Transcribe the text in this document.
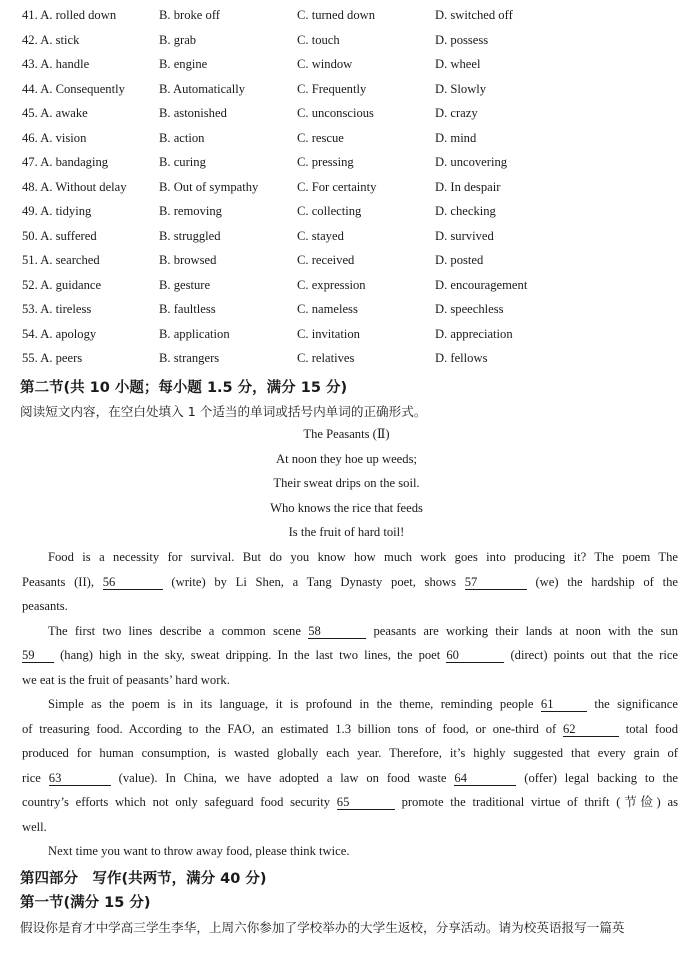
41. A. rolled down	B. broke off	C. turned down	D. switched off
42. A. stick	B. grab	C. touch	D. possess
43. A. handle	B. engine	C. window	D. wheel
44. A. Consequently	B. Automatically	C. Frequently	D. Slowly
45. A. awake	B. astonished	C. unconscious	D. crazy
46. A. vision	B. action	C. rescue	D. mind
47. A. bandaging	B. curing	C. pressing	D. uncovering
48. A. Without delay	B. Out of sympathy	C. For certainty	D. In despair
49. A. tidying	B. removing	C. collecting	D. checking
50. A. suffered	B. struggled	C. stayed	D. survived
51. A. searched	B. browsed	C. received	D. posted
52. A. guidance	B. gesture	C. expression	D. encouragement
53. A. tireless	B. faultless	C. nameless	D. speechless
54. A. apology	B. application	C. invitation	D. appreciation
55. A. peers	B. strangers	C. relatives	D. fellows
第二节(共 10 小题；每小题 1.5 分，满分 15 分)
阅读短文内容，在空白处填入 1 个适当的单词或括号内单词的正确形式。
The Peasants (Ⅱ)
At noon they hoe up weeds;
Their sweat drips on the soil.
Who knows the rice that feeds
Is the fruit of hard toil!
Food is a necessity for survival. But do you know how much work goes into producing it? The poem The
Peasants (II), 56	(write) by Li Shen, a Tang Dynasty poet, shows 57	(we) the hardship of the
peasants.
The first two lines describe a common scene 58	peasants are working their lands at noon with the sun
59 (hang) high in the sky, sweat dripping. In the last two lines, the poet 60	(direct) points out that the rice
we eat is the fruit of peasants’ hard work.
Simple as the poem is in its language, it is profound in the theme, reminding people 61	the significance
of treasuring food. According to the FAO, an estimated 1.3 billion tons of food, or one-third of 62	total food
produced for human consumption, is wasted globally each year. Therefore, it’s highly suggested that every grain of
rice 63	(value). In China, we have adopted a law on food waste 64	(offer) legal backing to the
country’s efforts which not only safeguard food security 65	promote the traditional virtue of thrift (节俭) as
well.
Next time you want to throw away food, please think twice.
第四部分　写作(共两节，满分 40 分)
第一节(满分 15 分)
假设你是育才中学高三学生李华，上周六你参加了学校举办的大学生返校，分享活动。请为校英语报写一篇英
